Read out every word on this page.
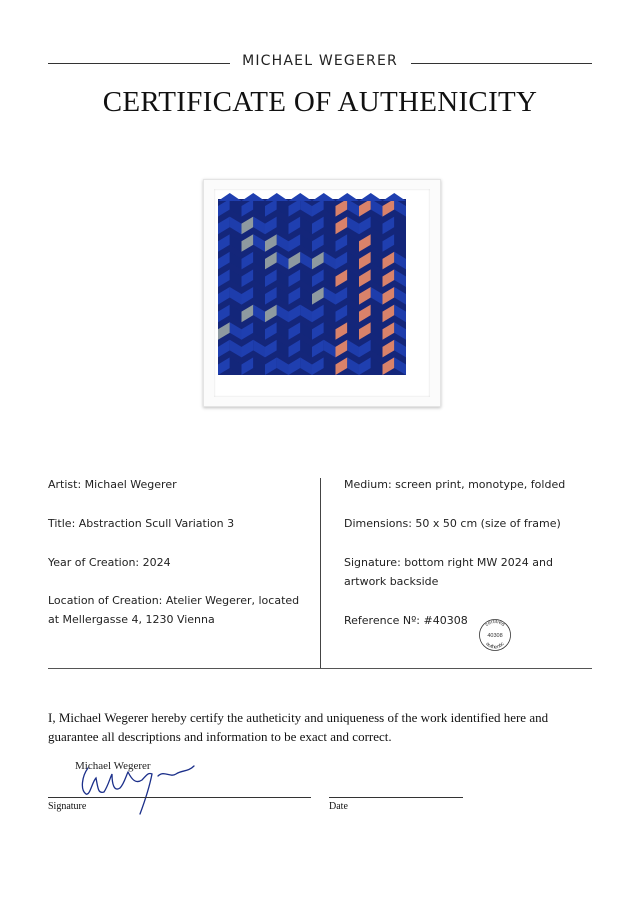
MICHAEL WEGERER
CERTIFICATE OF AUTHENICITY
Artist: Michael Wegerer
Title: Abstraction Scull Variation 3
Year of Creation: 2024
Location of Creation: Atelier Wegerer, located
at Mellergasse 4, 1230 Vienna
Medium: screen print, monotype, folded
Dimensions: 50 x 50 cm (size of frame)
Signature: bottom right MW 2024 and
artwork backside
Reference Nº: #40308	certified
40308
authentic
I, Michael Wegerer hereby certify the autheticity and uniqueness of the work identified here and
guarantee all descriptions and information to be exact and correct.
Michael Wegerer
Signature	Date
